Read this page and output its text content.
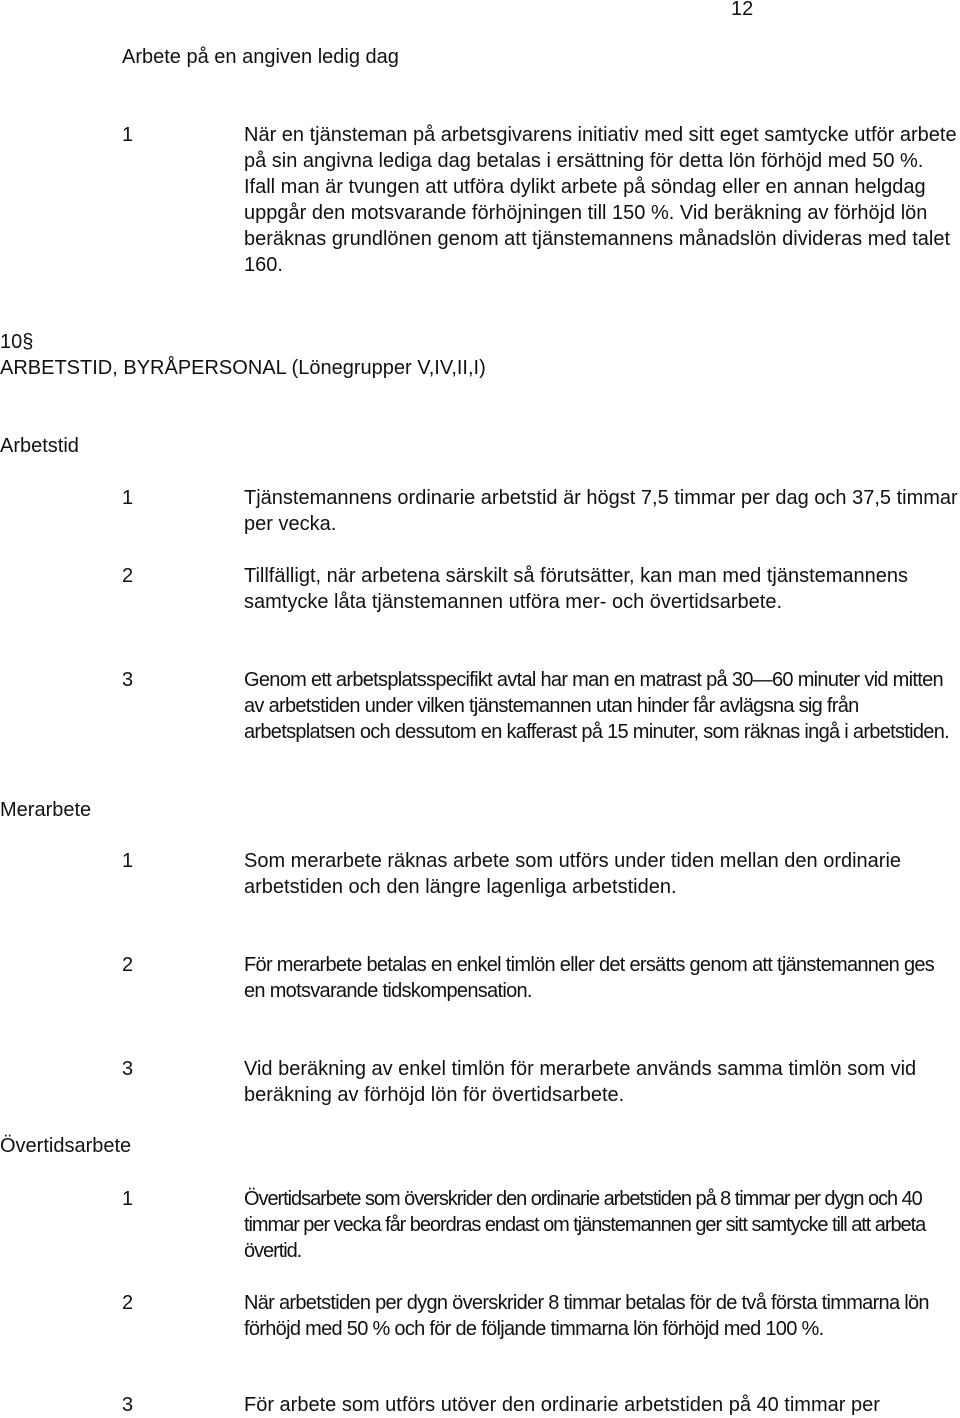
12
Arbete på en angiven ledig dag
1	När en tjänsteman på arbetsgivarens initiativ med sitt eget samtycke utför arbete på sin angivna lediga dag betalas i ersättning för detta lön förhöjd med 50 %. Ifall man är tvungen att utföra dylikt arbete på söndag eller en annan helgdag uppgår den motsvarande förhöjningen till 150 %. Vid beräkning av förhöjd lön beräknas grundlönen genom att tjänstemannens månadslön divideras med talet 160.
10§
ARBETSTID, BYRÅPERSONAL (Lönegrupper V,IV,II,I)
Arbetstid
1	Tjänstemannens ordinarie arbetstid är högst 7,5 timmar per dag och 37,5 timmar per vecka.
2	Tillfälligt, när arbetena särskilt så förutsätter, kan man med tjänstemannens samtycke låta tjänstemannen utföra mer- och övertidsarbete.
3	Genom ett arbetsplatsspecifikt avtal har man en matrast på 30—60 minuter vid mitten av arbetstiden under vilken tjänstemannen utan hinder får avlägsna sig från arbetsplatsen och dessutom en kafferast på 15 minuter, som räknas ingå i arbetstiden.
Merarbete
1	Som merarbete räknas arbete som utförs under tiden mellan den ordinarie arbetstiden och den längre lagenliga arbetstiden.
2	För merarbete betalas en enkel timlön eller det ersätts genom att tjänstemannen ges en motsvarande tidskompensation.
3	Vid beräkning av enkel timlön för merarbete används samma timlön som vid beräkning av förhöjd lön för övertidsarbete.
Övertidsarbete
1	Övertidsarbete som överskrider den ordinarie arbetstiden på 8 timmar per dygn och 40 timmar per vecka får beordras endast om tjänstemannen ger sitt samtycke till att arbeta övertid.
2	När arbetstiden per dygn överskrider 8 timmar betalas för de två första timmarna lön förhöjd med 50 % och för de följande timmarna lön förhöjd med 100 %.
3	För arbete som utförs utöver den ordinarie arbetstiden på 40 timmar per
